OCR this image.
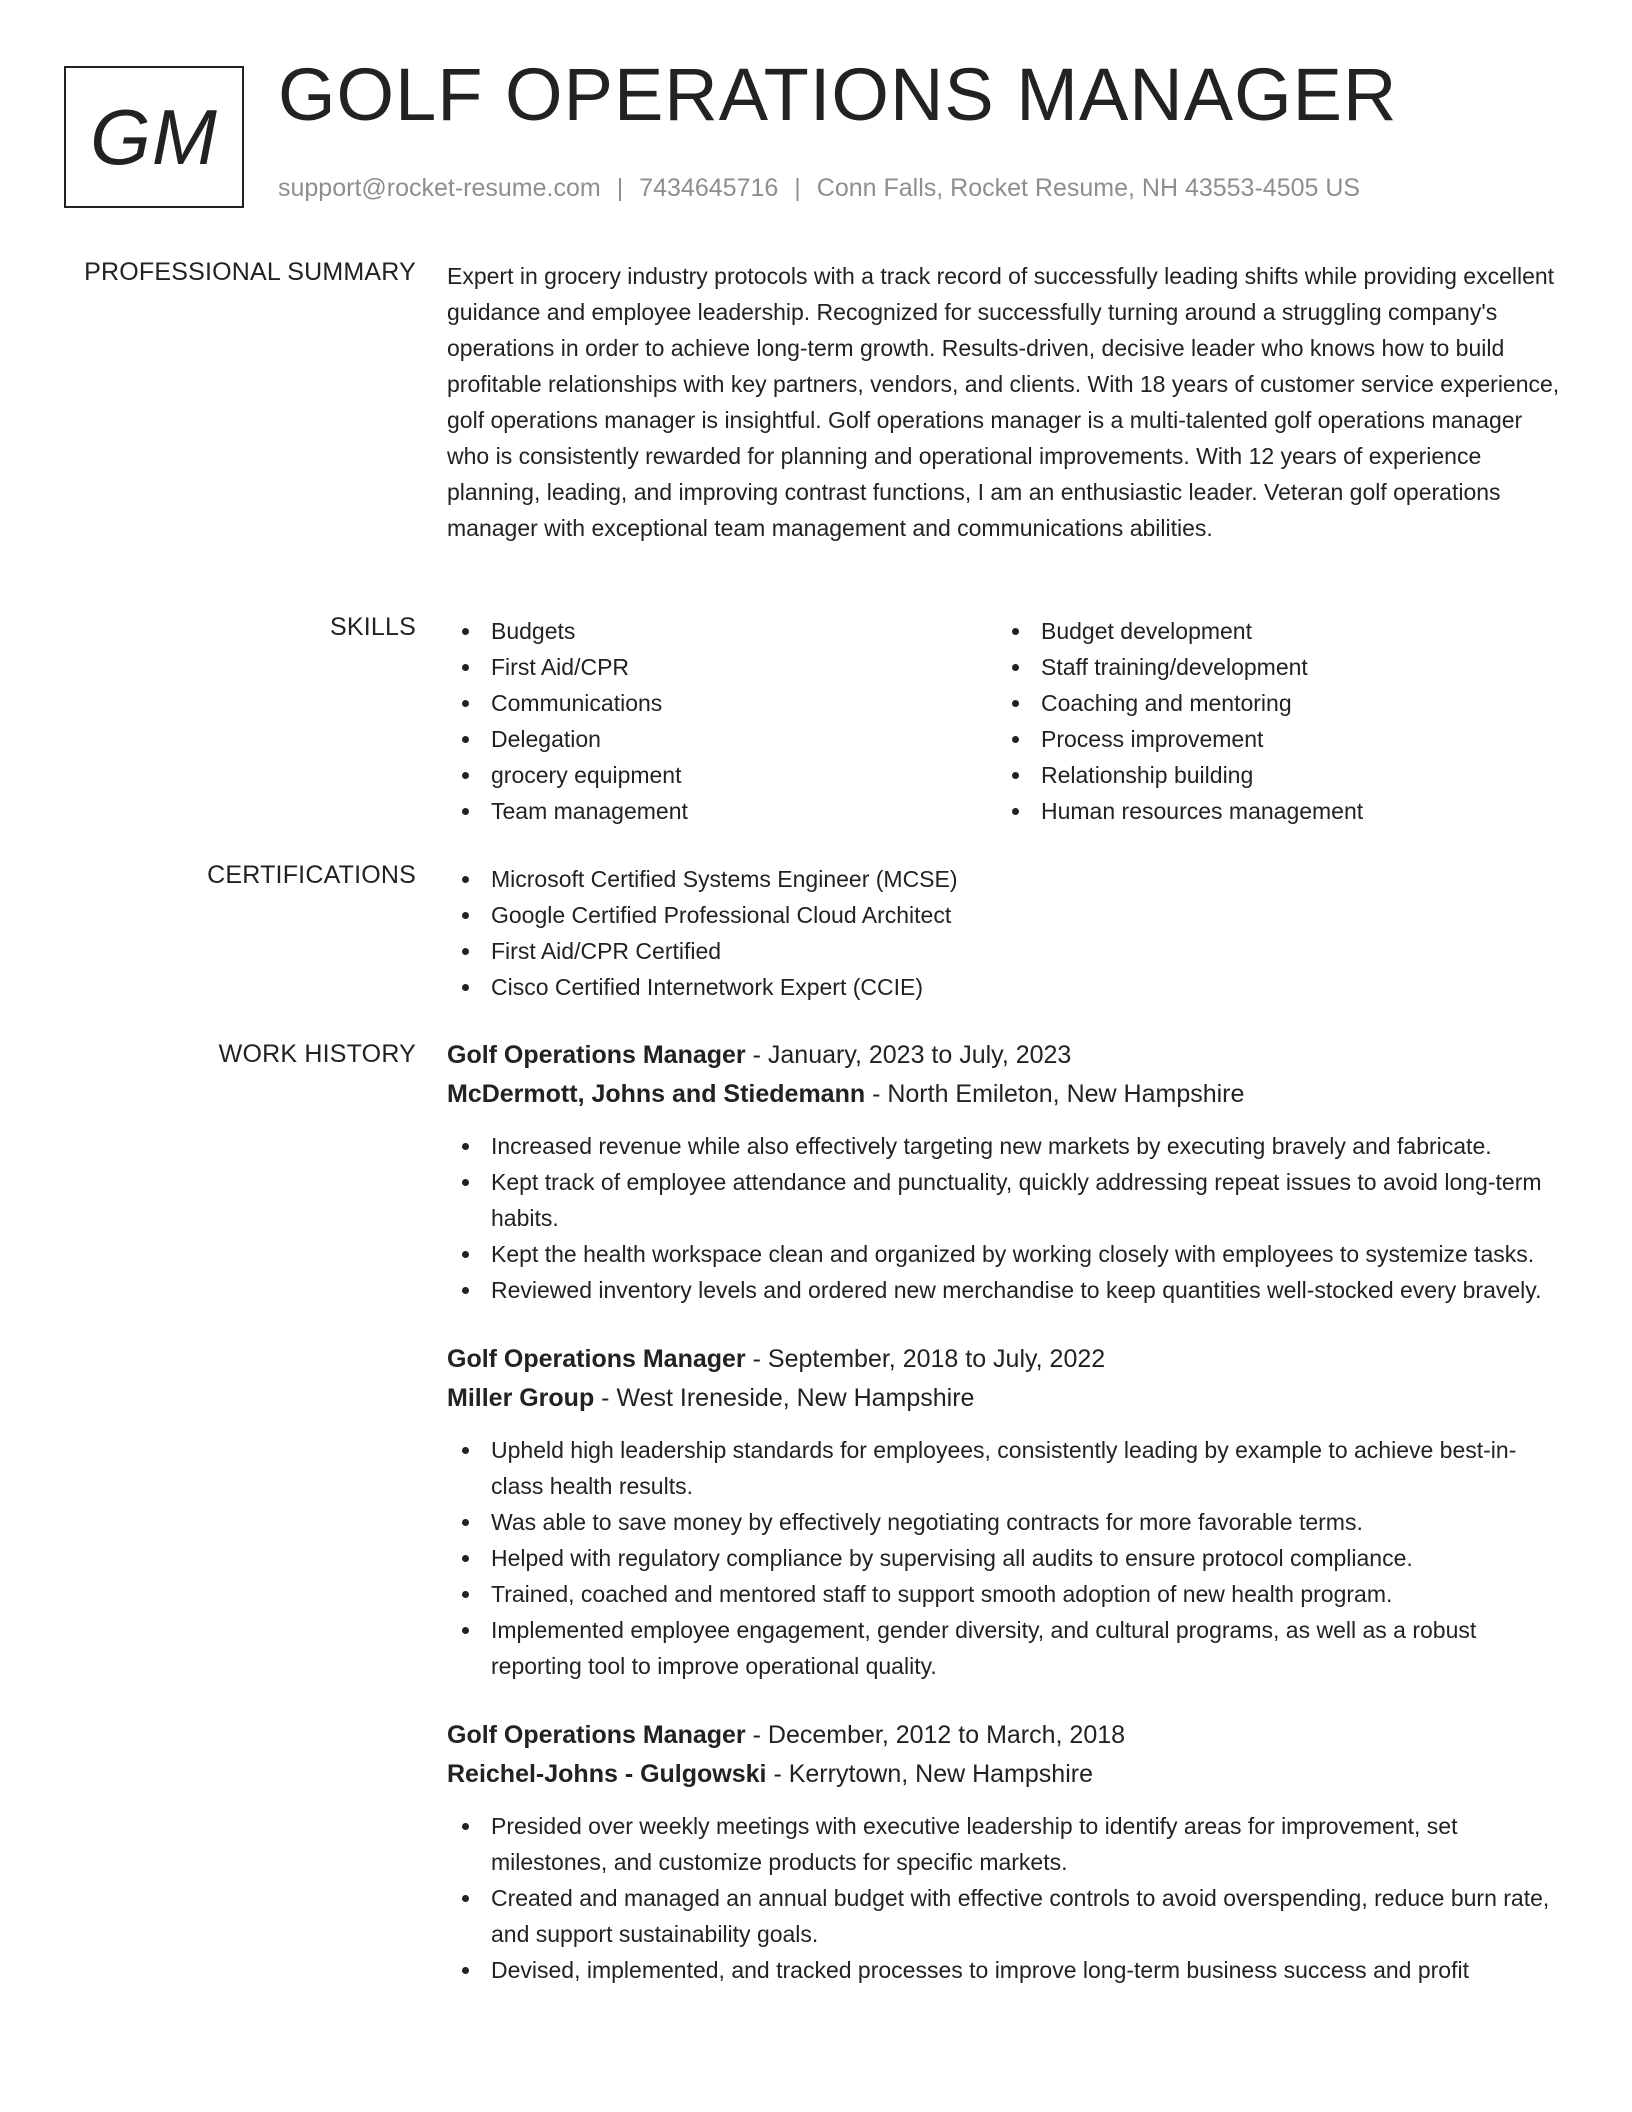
GM GOLF OPERATIONS MANAGER
support@rocket-resume.com | 7434645716 | Conn Falls, Rocket Resume, NH 43553-4505 US
PROFESSIONAL SUMMARY Expert in grocery industry protocols with a track record of successfully leading shifts while providing excellent guidance and employee leadership. Recognized for successfully turning around a struggling company's operations in order to achieve long-term growth. Results-driven, decisive leader who knows how to build profitable relationships with key partners, vendors, and clients. With 18 years of customer service experience, golf operations manager is insightful. Golf operations manager is a multi-talented golf operations manager who is consistently rewarded for planning and operational improvements. With 12 years of experience planning, leading, and improving contrast functions, I am an enthusiastic leader. Veteran golf operations manager with exceptional team management and communications abilities.

SKILLS	Budgets
First Aid/CPR
Communications
Delegation
grocery equipment
Team management
Budget development
Staff training/development
Coaching and mentoring
Process improvement
Relationship building
Human resources management
CERTIFICATIONS	Microsoft Certified Systems Engineer (MCSE)
Google Certified Professional Cloud Architect
First Aid/CPR Certified
Cisco Certified Internetwork Expert (CCIE)
WORK HISTORY Golf Operations Manager - January, 2023 to July, 2023
McDermott, Johns and Stiedemann - North Emileton, New Hampshire
Increased revenue while also effectively targeting new markets by executing bravely and fabricate.
Kept track of employee attendance and punctuality, quickly addressing repeat issues to avoid long-term habits.
Kept the health workspace clean and organized by working closely with employees to systemize tasks.
Reviewed inventory levels and ordered new merchandise to keep quantities well-stocked every bravely.
Golf Operations Manager - September, 2018 to July, 2022
Miller Group - West Ireneside, New Hampshire
Upheld high leadership standards for employees, consistently leading by example to achieve best-in-class health results.
Was able to save money by effectively negotiating contracts for more favorable terms.
Helped with regulatory compliance by supervising all audits to ensure protocol compliance.
Trained, coached and mentored staff to support smooth adoption of new health program.
Implemented employee engagement, gender diversity, and cultural programs, as well as a robust reporting tool to improve operational quality.
Golf Operations Manager - December, 2012 to March, 2018
Reichel-Johns - Gulgowski - Kerrytown, New Hampshire
Presided over weekly meetings with executive leadership to identify areas for improvement, set milestones, and customize products for specific markets.
Created and managed an annual budget with effective controls to avoid overspending, reduce burn rate, and support sustainability goals.
Devised, implemented, and tracked processes to improve long-term business success and profit
